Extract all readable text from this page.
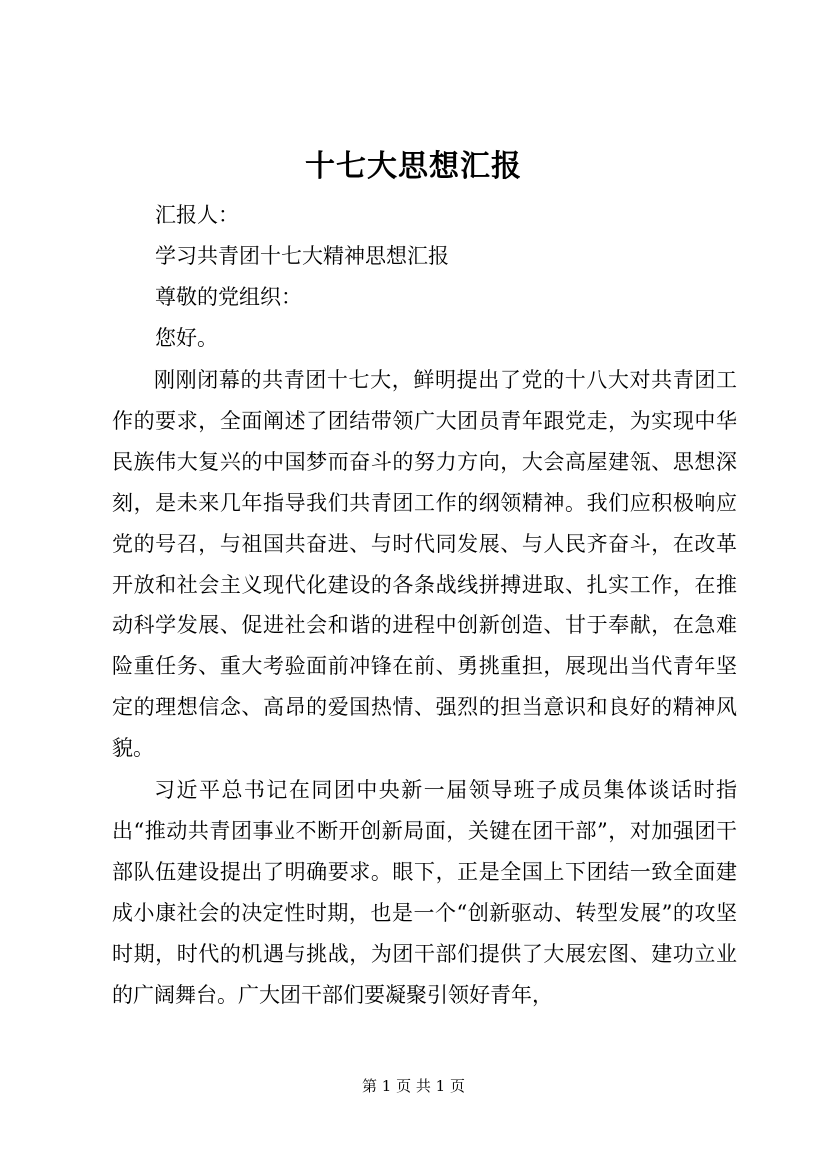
十七大思想汇报
汇报人：
学习共青团十七大精神思想汇报
尊敬的党组织：
您好。
刚刚闭幕的共青团十七大，鲜明提出了党的十八大对共青团工作的要求，全面阐述了团结带领广大团员青年跟党走，为实现中华民族伟大复兴的中国梦而奋斗的努力方向，大会高屋建瓴、思想深刻，是未来几年指导我们共青团工作的纲领精神。我们应积极响应党的号召，与祖国共奋进、与时代同发展、与人民齐奋斗，在改革开放和社会主义现代化建设的各条战线拼搏进取、扎实工作，在推动科学发展、促进社会和谐的进程中创新创造、甘于奉献，在急难险重任务、重大考验面前冲锋在前、勇挑重担，展现出当代青年坚定的理想信念、高昂的爱国热情、强烈的担当意识和良好的精神风貌。
习近平总书记在同团中央新一届领导班子成员集体谈话时指出“推动共青团事业不断开创新局面，关键在团干部”，对加强团干部队伍建设提出了明确要求。眼下，正是全国上下团结一致全面建成小康社会的决定性时期，也是一个“创新驱动、转型发展”的攻坚时期，时代的机遇与挑战，为团干部们提供了大展宏图、建功立业的广阔舞台。广大团干部们要凝聚引领好青年，
第 1 页 共 1 页
